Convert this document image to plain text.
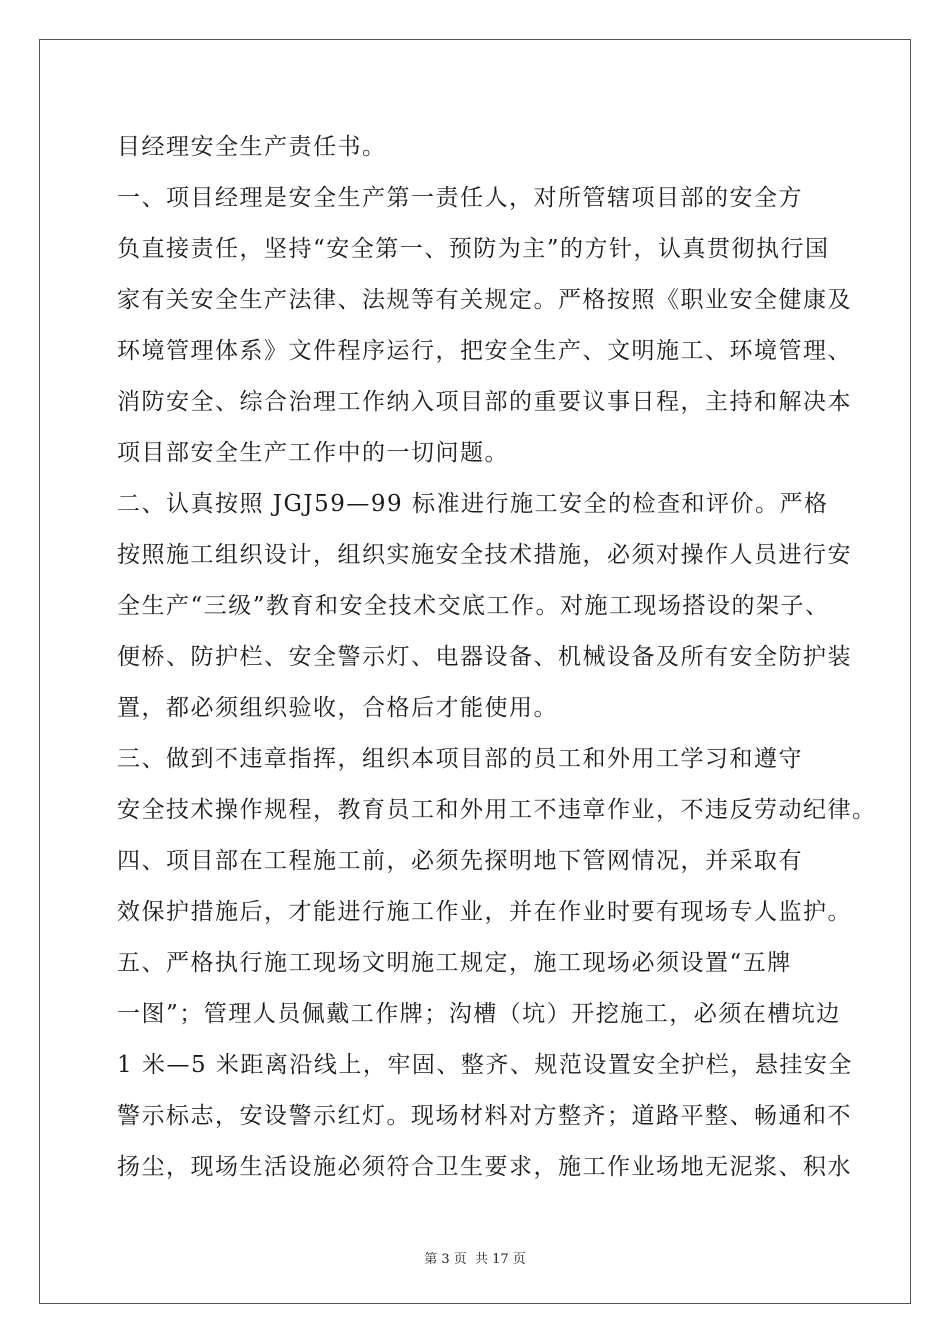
目经理安全生产责任书。
一、项目经理是安全生产第一责任人，对所管辖项目部的安全方
负直接责任，坚持“安全第一、预防为主”的方针，认真贯彻执行国
家有关安全生产法律、法规等有关规定。严格按照《职业安全健康及
环境管理体系》文件程序运行，把安全生产、文明施工、环境管理、
消防安全、综合治理工作纳入项目部的重要议事日程，主持和解决本
项目部安全生产工作中的一切问题。
二、认真按照 JGJ59—99 标准进行施工安全的检查和评价。严格
按照施工组织设计，组织实施安全技术措施，必须对操作人员进行安
全生产“三级”教育和安全技术交底工作。对施工现场搭设的架子、
便桥、防护栏、安全警示灯、电器设备、机械设备及所有安全防护装
置，都必须组织验收，合格后才能使用。
三、做到不违章指挥，组织本项目部的员工和外用工学习和遵守
安全技术操作规程，教育员工和外用工不违章作业，不违反劳动纪律。
四、项目部在工程施工前，必须先探明地下管网情况，并采取有
效保护措施后，才能进行施工作业，并在作业时要有现场专人监护。
五、严格执行施工现场文明施工规定，施工现场必须设置“五牌
一图”；管理人员佩戴工作牌；沟槽（坑）开挖施工，必须在槽坑边
1 米—5 米距离沿线上，牢固、整齐、规范设置安全护栏，悬挂安全
警示标志，安设警示红灯。现场材料对方整齐；道路平整、畅通和不
扬尘，现场生活设施必须符合卫生要求，施工作业场地无泥浆、积水
第 3 页 共 17 页
